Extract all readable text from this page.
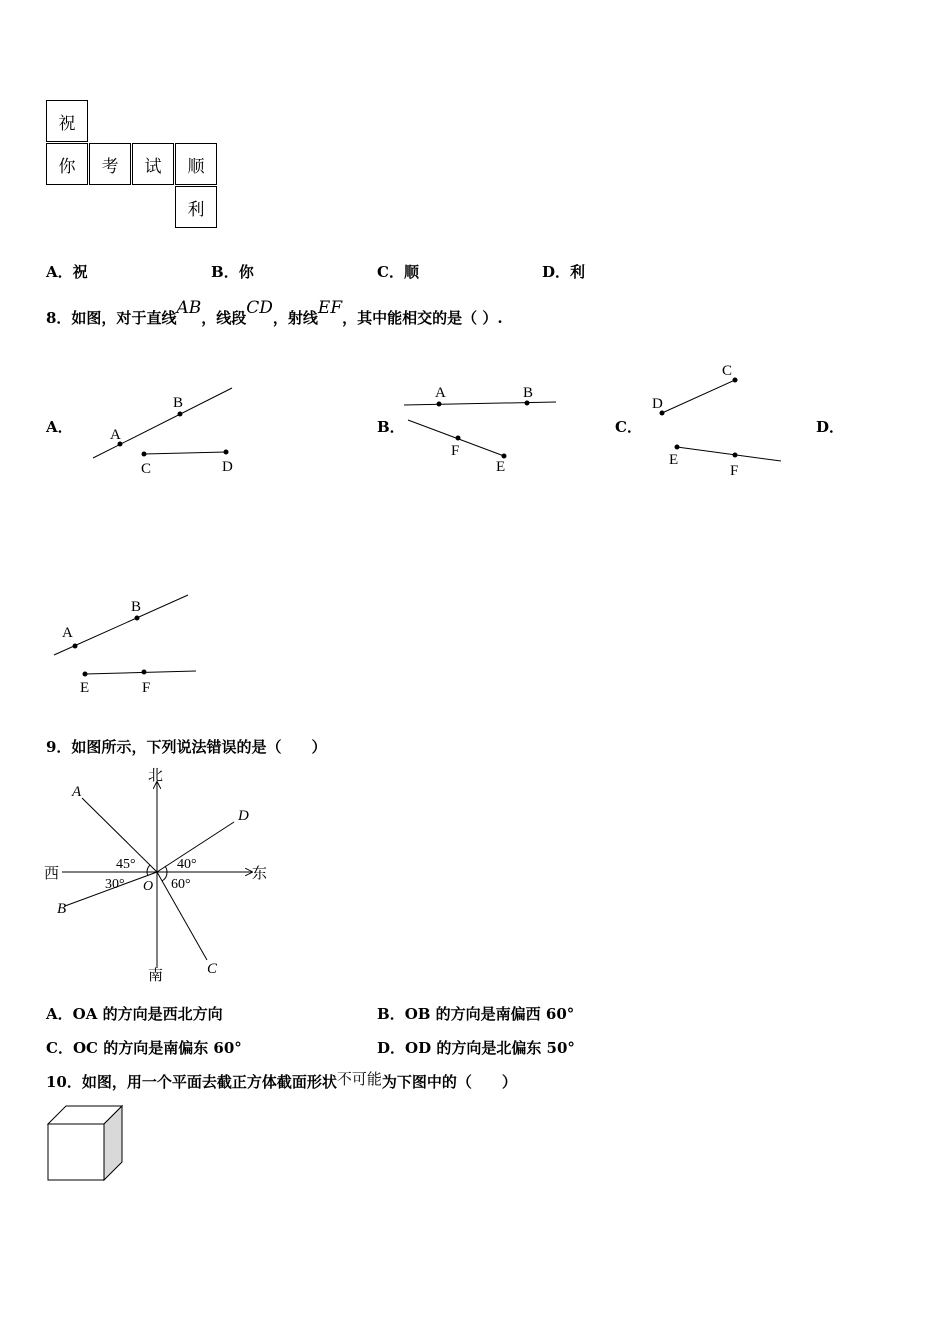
祝
你	考	试	顺
利
A．祝	B．你	C．顺	D．利
8．如图，对于直线AB，线段CD，射线EF，其中能相交的是（ ）.
A．	B．	C．	D．
A
B
C	D
A	B
F
E
C
D
E
F
A
B
E	F
9．如图所示，下列说法错误的是（　　）
北
南
西	东
A
D
B
C
O
45°	40°
30°	60°
A．OA 的方向是西北方向	B．OB 的方向是南偏西 60°
C．OC 的方向是南偏东 60°	D．OD 的方向是北偏东 50°
10．如图，用一个平面去截正方体截面形状不可能为下图中的（　　）
